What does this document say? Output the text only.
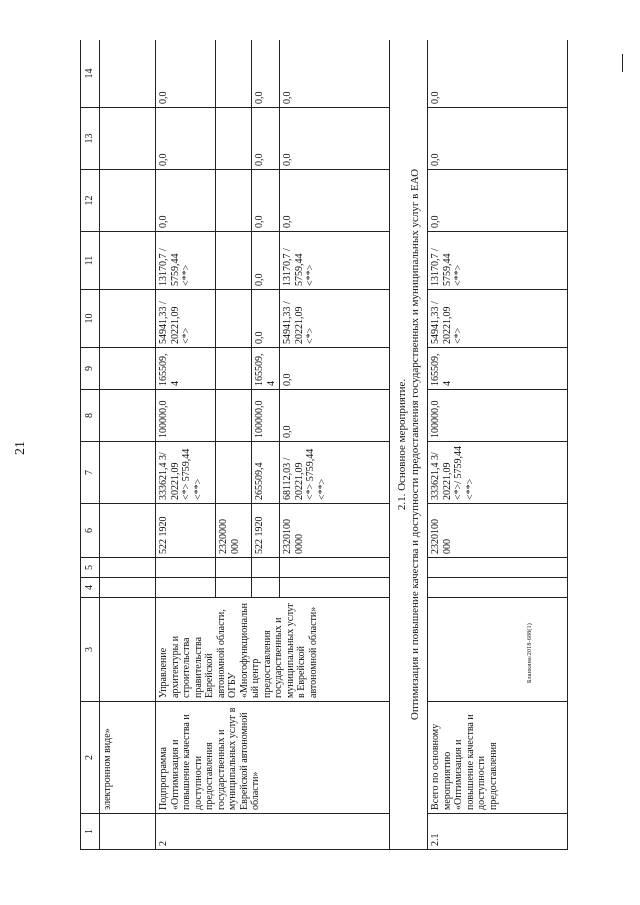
21
Бланкина/2018-688(1)
1	2	3	4	5	6	7	8	9	10	11	12	13	14
	электронном виде»												
2	Подпрограмма «Оптимизация и повышение качества и доступности предоставления государственных и муниципальных услуг в Еврейской автономной области»	Управление архитектуры и строительства правительства Еврейской автономной области, ОГБУ «Многофункциональный центр предоставления государственных и муниципальных услуг в Еврейской автономной области»			522 1920	333621,4 3/ 20221,09 <*> 5759,44 <**>	100000,0	165509,4	54941,33 / 20221,09 <*>	13170,7 / 5759,44 <**>	0,0	0,0	0,0
					2320000 000								
					522 1920	265509,4	100000,0	165509,4	0,0	0,0	0,0	0,0	0,0
					2320100 0000	68112,03 / 20221,09 <*> 5759,44 <**>	0,0	0,0	54941,33 / 20221,09 <*>	13170,7 / 5759,44 <**>	0,0	0,0	0,0

2.1. Основное мероприятие. Оптимизация и повышение качества и доступности предоставления государственных и муниципальных услуг в ЕАО													

2.1	Всего по основному мероприятию «Оптимизация и повышение качества и доступности предоставления				2320100 000	333621,4 3/ 20221,09 <*>/ 5759,44 <**>	100000,0	165509,4	54941,33 / 20221,09 <*>	13170,7 / 5759,44 <**>	0,0	0,0	0,0
